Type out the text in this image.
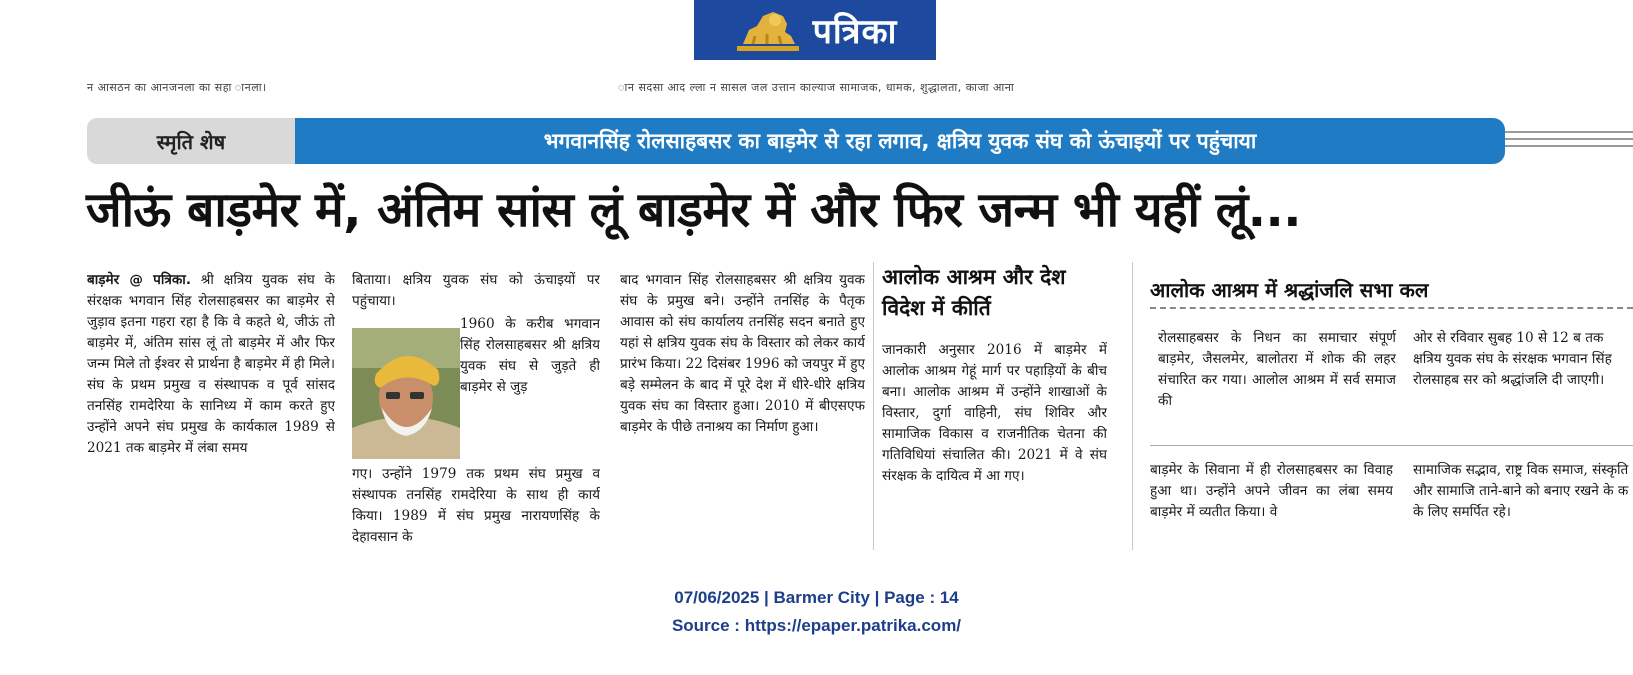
पत्रिका
न आसठन का आनजनला का सहा ानला।	ान सदसा आद ल्ला न सासल जल उत्तान काल्याज सामाजक, धामक, शुद्धालता, काजा आना
स्मृति शेष	भगवानसिंह रोलसाहबसर का बाड़मेर से रहा लगाव, क्षत्रिय युवक संघ को ऊंचाइयों पर पहुंचाया
जीऊं बाड़मेर में, अंतिम सांस लूं बाड़मेर में और फिर जन्म भी यहीं लूं...
बाड़मेर @ पत्रिका. श्री क्षत्रिय युवक संघ के संरक्षक भगवान सिंह रोलसाहबसर का बाड़मेर से जुड़ाव इतना गहरा रहा है कि वे कहते थे, जीऊं तो बाड़मेर में, अंतिम सांस लूं तो बाड़मेर में और फिर जन्म मिले तो ईश्वर से प्रार्थना है बाड़मेर में ही मिले। संघ के प्रथम प्रमुख व संस्थापक व पूर्व सांसद तनसिंह रामदेरिया के सानिध्य में काम करते हुए उन्होंने अपने संघ प्रमुख के कार्यकाल 1989 से 2021 तक बाड़मेर में लंबा समय
बिताया। क्षत्रिय युवक संघ को ऊंचाइयों पर पहुंचाया।
1960 के करीब भगवान सिंह रोलसाहबसर श्री क्षत्रिय युवक संघ से जुड़ते ही बाड़मेर से जुड़
गए। उन्होंने 1979 तक प्रथम संघ प्रमुख व संस्थापक तनसिंह रामदेरिया के साथ ही कार्य किया। 1989 में संघ प्रमुख नारायणसिंह के देहावसान के
बाद भगवान सिंह रोलसाहबसर श्री क्षत्रिय युवक संघ के प्रमुख बने। उन्होंने तनसिंह के पैतृक आवास को संघ कार्यालय तनसिंह सदन बनाते हुए यहां से क्षत्रिय युवक संघ के विस्तार को लेकर कार्य प्रारंभ किया। 22 दिसंबर 1996 को जयपुर में हुए बड़े सम्मेलन के बाद में पूरे देश में धीरे-धीरे क्षत्रिय युवक संघ का विस्तार हुआ। 2010 में बीएसएफ बाड़मेर के पीछे तनाश्रय का निर्माण हुआ।
आलोक आश्रम और देश विदेश में कीर्ति
जानकारी अनुसार 2016 में बाड़मेर में आलोक आश्रम गेहूं मार्ग पर पहाड़ियों के बीच बना। आलोक आश्रम में उन्होंने शाखाओं के विस्तार, दुर्गा वाहिनी, संघ शिविर और सामाजिक विकास व राजनीतिक चेतना की गतिविधियां संचालित की। 2021 में वे संघ संरक्षक के दायित्व में आ गए।
आलोक आश्रम में श्रद्धांजलि सभा कल
रोलसाहबसर के निधन का समाचार संपूर्ण बाड़मेर, जैसलमेर, बालोतरा में शोक की लहर संचारित कर गया। आलोल आश्रम में सर्व समाज की
ओर से रविवार सुबह 10 से 12 ब तक क्षत्रिय युवक संघ के संरक्षक भगवान सिंह रोलसाहब सर को श्रद्धांजलि दी जाएगी।
बाड़मेर के सिवाना में ही रोलसाहबसर का विवाह हुआ था। उन्होंने अपने जीवन का लंबा समय बाड़मेर में व्यतीत किया। वे
सामाजिक सद्भाव, राष्ट्र विक समाज, संस्कृति और सामाजि ताने-बाने को बनाए रखने के क के लिए समर्पित रहे।
07/06/2025 | Barmer City | Page : 14
Source : https://epaper.patrika.com/
